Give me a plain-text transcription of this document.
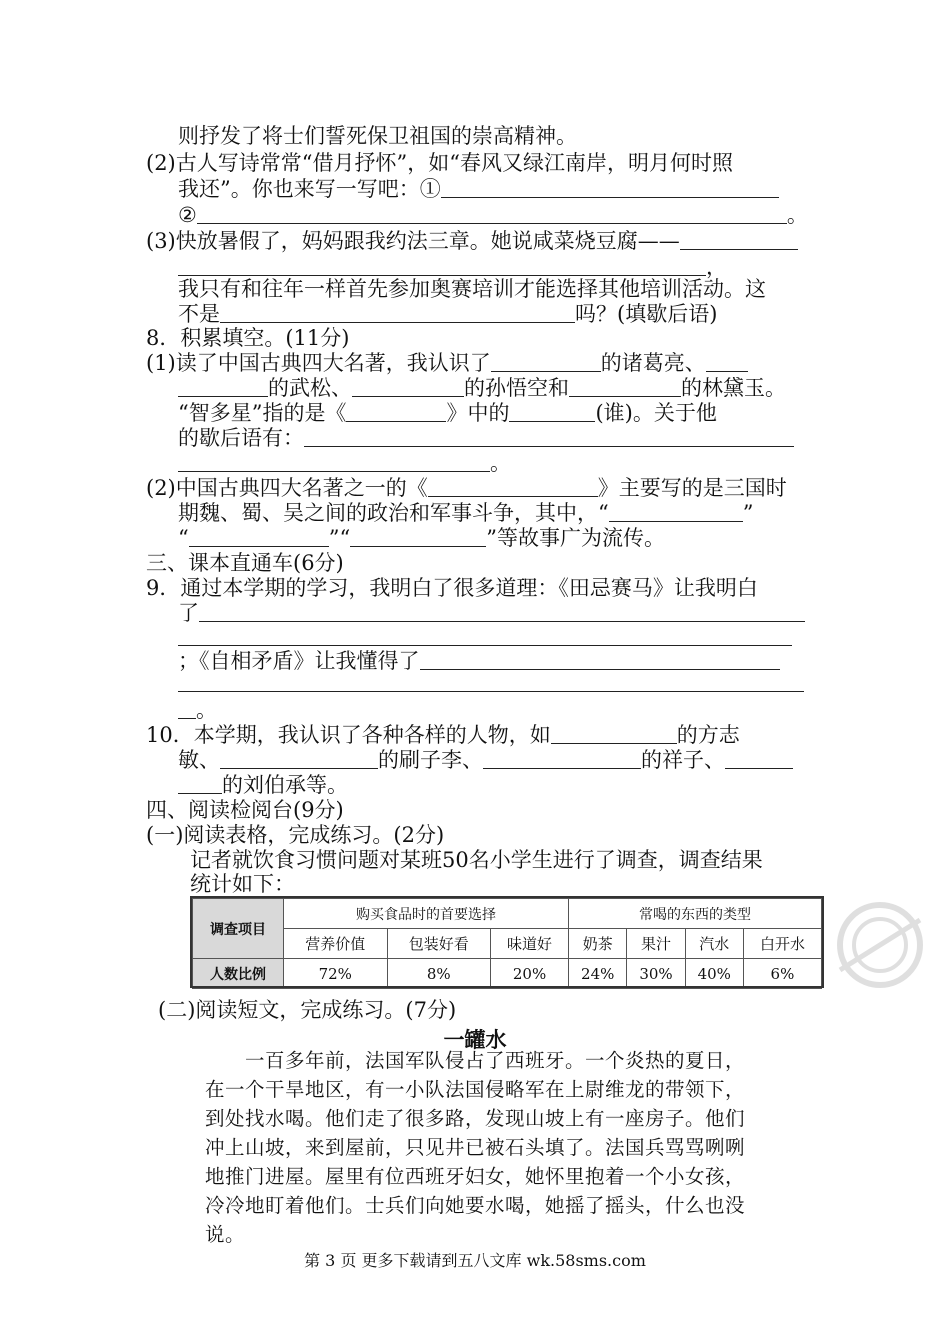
则抒发了将士们誓死保卫祖国的崇高精神。
(2)古人写诗常常“借月抒怀”，如“春风又绿江南岸，明月何时照
我还”。你也来写一写吧：①
②	。
(3)快放暑假了，妈妈跟我约法三章。她说咸菜烧豆腐——
，
我只有和往年一样首先参加奥赛培训才能选择其他培训活动。这
不是	吗？(填歇后语)
8．积累填空。(11分)
(1)读了中国古典四大名著，我认识了	的诸葛亮、
的武松、	的孙悟空和	的林黛玉。
“智多星”指的是《	》中的	(谁)。关于他
的歇后语有：
。
(2)中国古典四大名著之一的《	》主要写的是三国时
期魏、蜀、吴之间的政治和军事斗争，其中，“	”
“	”“	”等故事广为流传。
三、课本直通车(6分)
9．通过本学期的学习，我明白了很多道理：《田忌赛马》让我明白
了
；《自相矛盾》让我懂得了
。
10．本学期，我认识了各种各样的人物，如	的方志
敏、	的刷子李、	的祥子、
的刘伯承等。
四、阅读检阅台(9分)
(一)阅读表格，完成练习。(2分)
记者就饮食习惯问题对某班50名小学生进行了调查，调查结果
统计如下：
调查项目	购买食品时的首要选择			常喝的东西的类型			
	营养价值	包装好看	味道好	奶茶	果汁	汽水	白开水
人数比例	72%	8%	20%	24%	30%	40%	6%
(二)阅读短文，完成练习。(7分)
一罐水
　　一百多年前，法国军队侵占了西班牙。一个炎热的夏日，
在一个干旱地区，有一小队法国侵略军在上尉维龙的带领下，
到处找水喝。他们走了很多路，发现山坡上有一座房子。他们
冲上山坡，来到屋前，只见井已被石头填了。法国兵骂骂咧咧
地推门进屋。屋里有位西班牙妇女，她怀里抱着一个小女孩，
冷冷地盯着他们。士兵们向她要水喝，她摇了摇头，什么也没
说。
第 3 页 更多下载请到五八文库 wk.58sms.com
